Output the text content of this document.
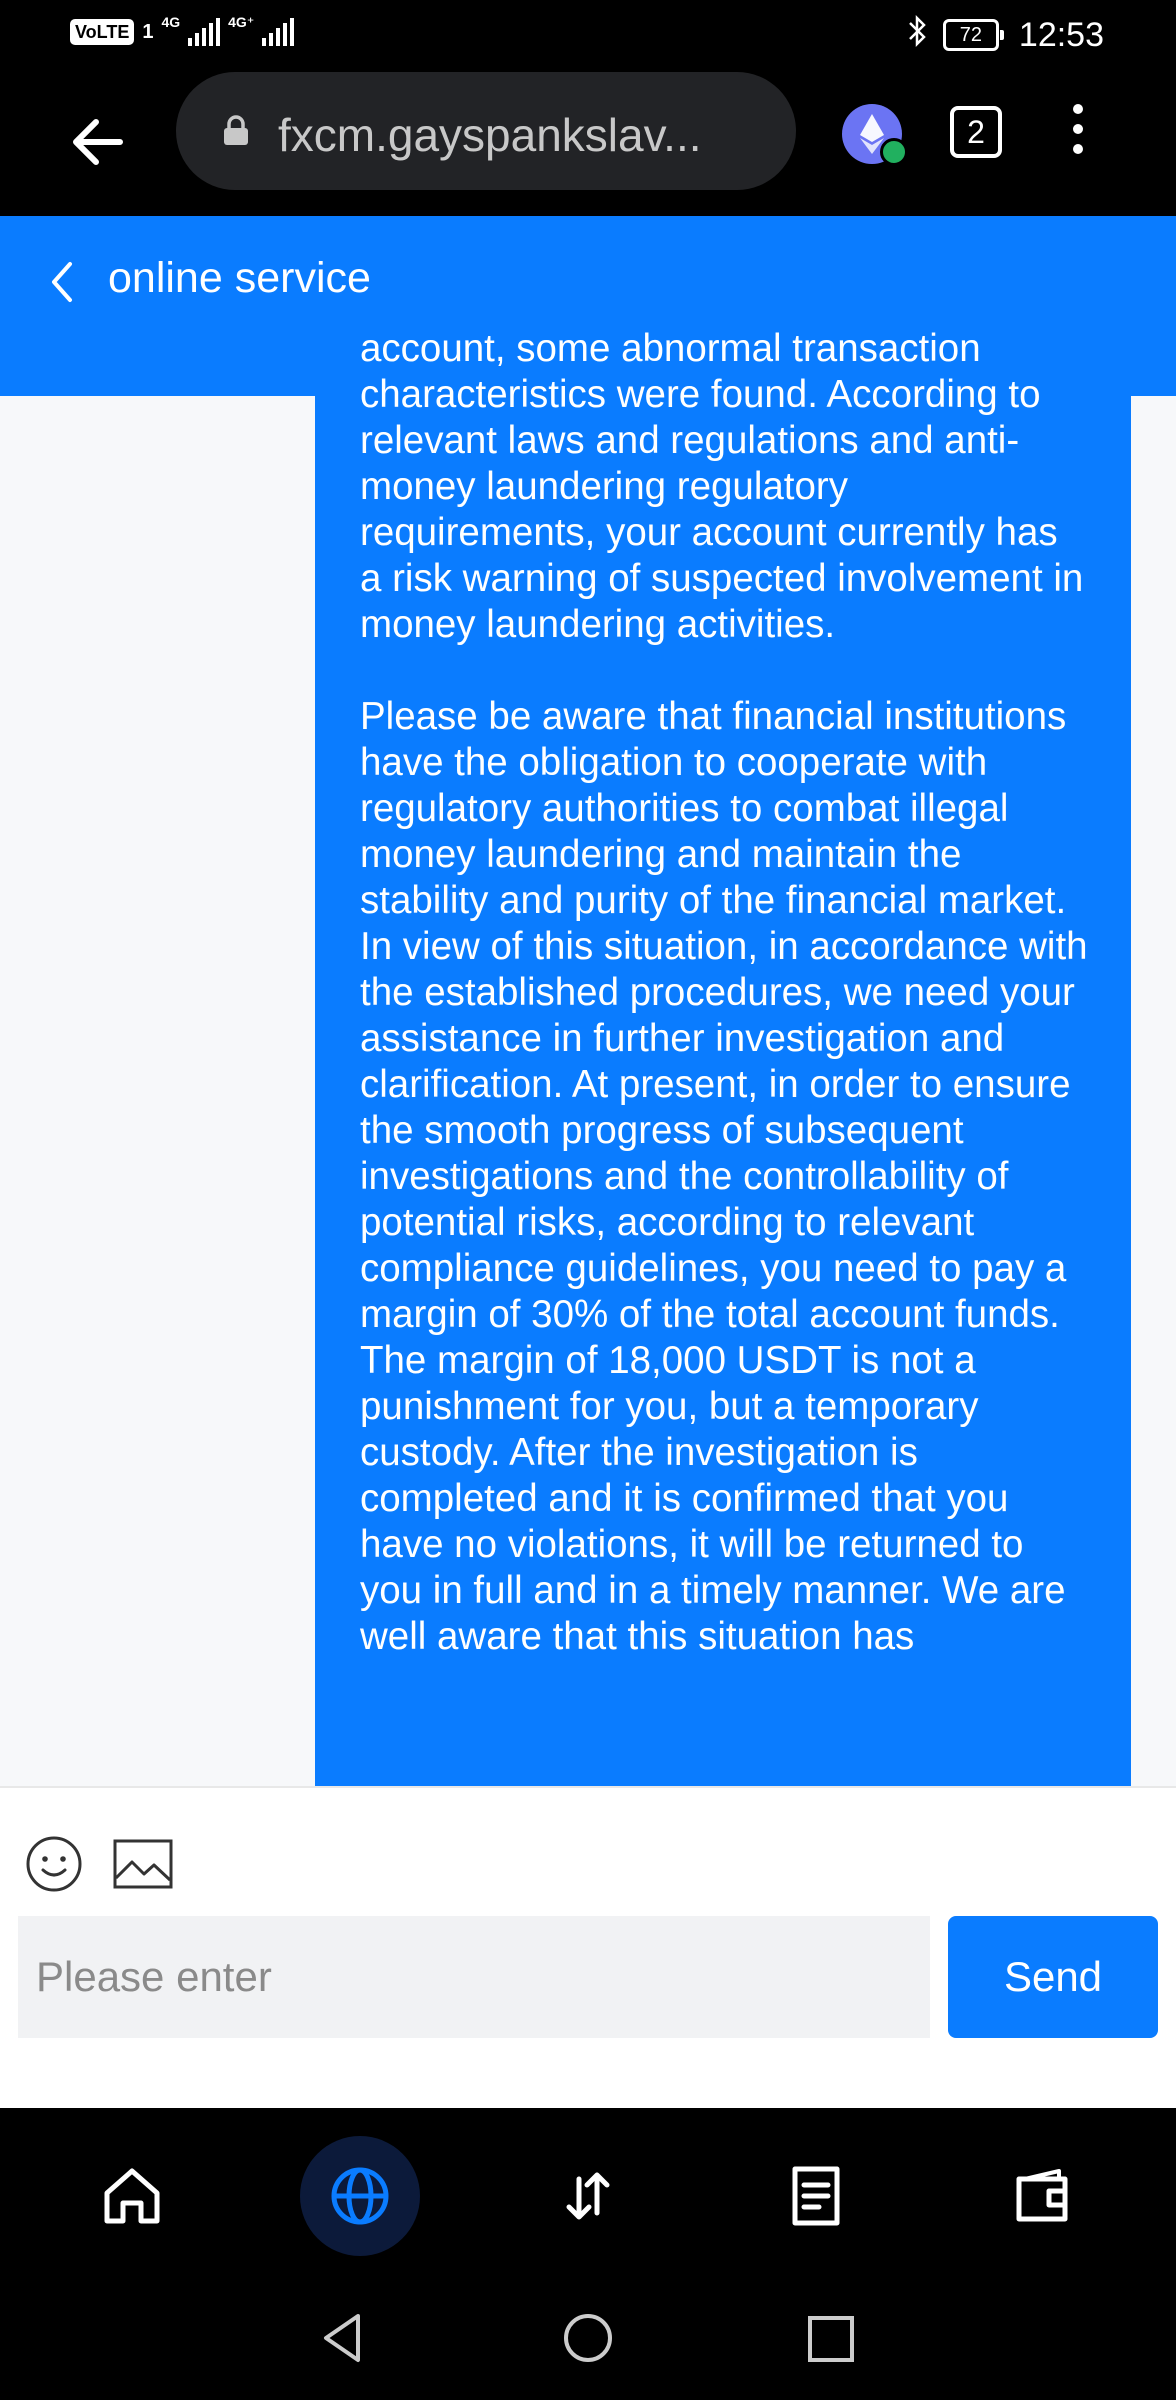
VoLTE 1 4G	4G⁺
72	12:53
fxcm.gayspankslav...	2
online service

account, some abnormal transaction characteristics were found. According to relevant laws and regulations and anti-money laundering regulatory requirements, your account currently has a risk warning of suspected involvement in money laundering activities.

Please be aware that financial institutions have the obligation to cooperate with regulatory authorities to combat illegal money laundering and maintain the stability and purity of the financial market. In view of this situation, in accordance with the established procedures, we need your assistance in further investigation and clarification. At present, in order to ensure the smooth progress of subsequent investigations and the controllability of potential risks, according to relevant compliance guidelines, you need to pay a margin of 30% of the total account funds. The margin of 18,000 USDT is not a punishment for you, but a temporary custody. After the investigation is completed and it is confirmed that you have no violations, it will be returned to you in full and in a timely manner. We are well aware that this situation has

Please enter
Send
